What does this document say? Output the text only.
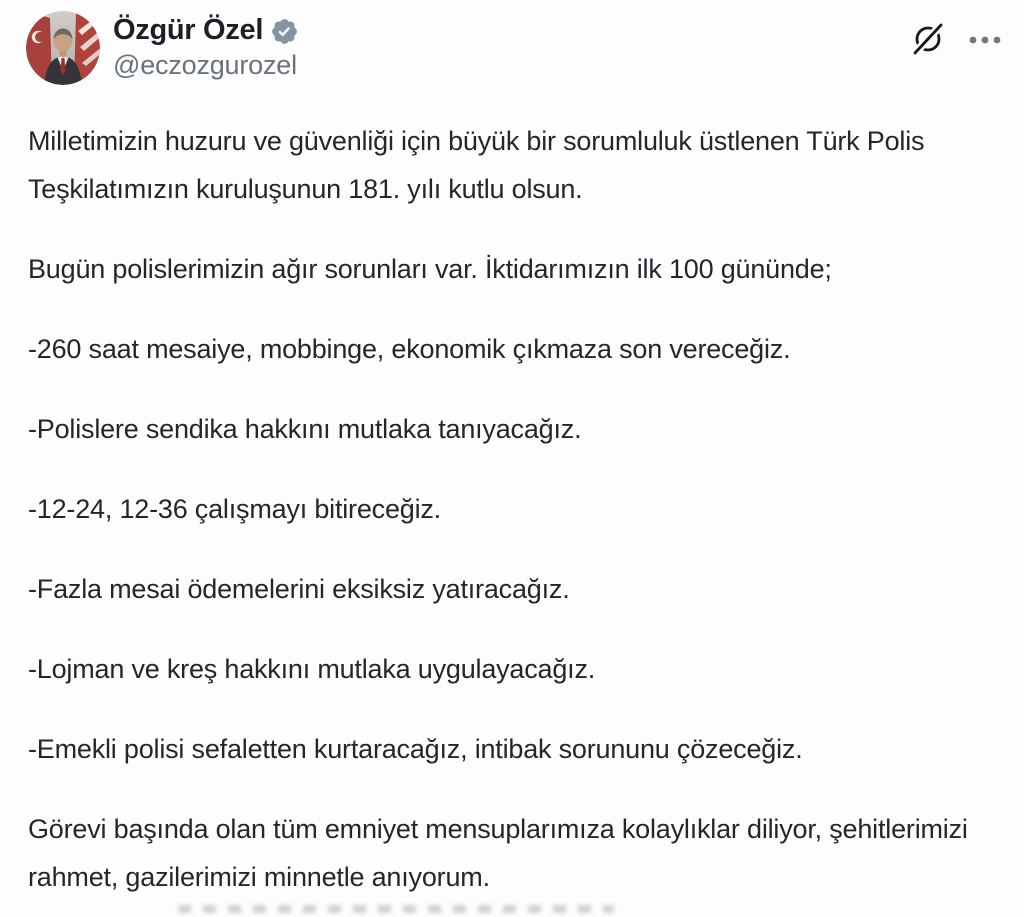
Özgür Özel
@eczozgurozel

Milletimizin huzuru ve güvenliği için büyük bir sorumluluk üstlenen Türk Polis Teşkilatımızın kuruluşunun 181. yılı kutlu olsun.

Bugün polislerimizin ağır sorunları var. İktidarımızın ilk 100 gününde;

-260 saat mesaiye, mobbinge, ekonomik çıkmaza son vereceğiz.

-Polislere sendika hakkını mutlaka tanıyacağız.

-12-24, 12-36 çalışmayı bitireceğiz.

-Fazla mesai ödemelerini eksiksiz yatıracağız.

-Lojman ve kreş hakkını mutlaka uygulayacağız.

-Emekli polisi sefaletten kurtaracağız, intibak sorununu çözeceğiz.

Görevi başında olan tüm emniyet mensuplarımıza kolaylıklar diliyor, şehitlerimizi rahmet, gazilerimizi minnetle anıyorum.
